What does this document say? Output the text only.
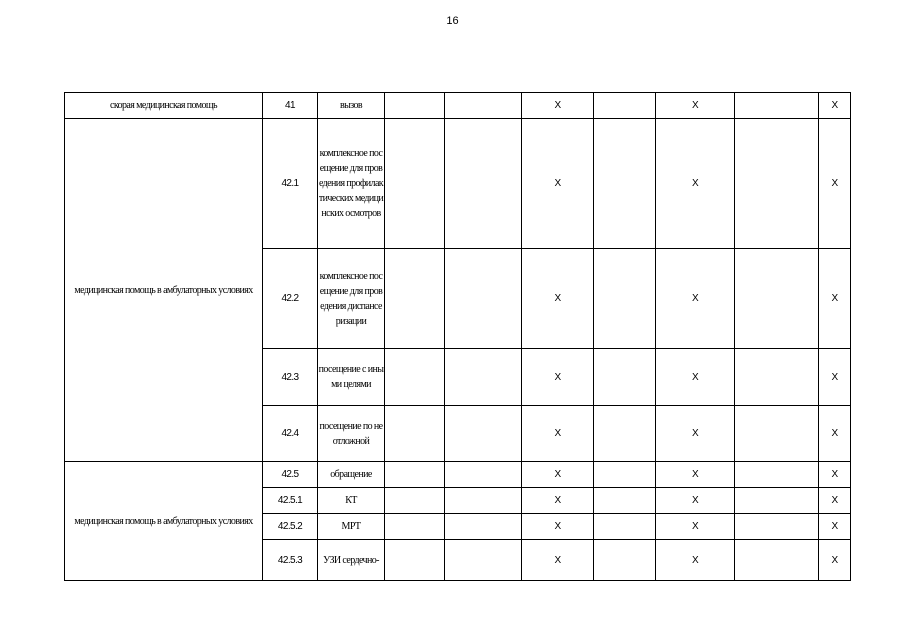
16
скорая медицинская помощь	41	вызов			Х		Х		Х
медицинская помощь в амбулаторных условиях	42.1	комплексное посещение для проведения профилактических медицинских осмотров			Х		Х		Х
	42.2	комплексное посещение для проведения диспансеризации			Х		Х		Х
	42.3	посещение с иными целями			Х		Х		Х
	42.4	посещение по неотложной			Х		Х		Х
медицинская помощь в амбулаторных условиях	42.5	обращение			Х		Х		Х
	42.5.1	КТ			Х		Х		Х
	42.5.2	МРТ			Х		Х		Х
	42.5.3	УЗИ сердечно-			Х		Х		Х
